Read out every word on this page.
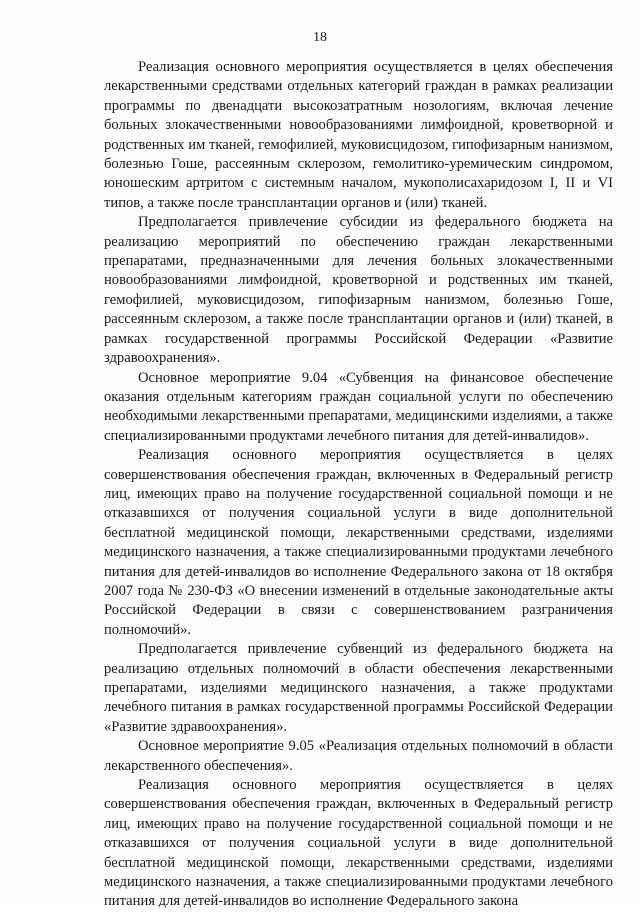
18

Реализация основного мероприятия осуществляется в целях обеспечения лекарственными средствами отдельных категорий граждан в рамках реализации программы по двенадцати высокозатратным нозологиям, включая лечение больных злокачественными новообразованиями лимфоидной, кроветворной и родственных им тканей, гемофилией, муковисцидозом, гипофизарным нанизмом, болезнью Гоше, рассеянным склерозом, гемолитико-уремическим синдромом, юношеским артритом с системным началом, мукополисахаридозом I, II и VI типов, а также после трансплантации органов и (или) тканей.

Предполагается привлечение субсидии из федерального бюджета на реализацию мероприятий по обеспечению граждан лекарственными препаратами, предназначенными для лечения больных злокачественными новообразованиями лимфоидной, кроветворной и родственных им тканей, гемофилией, муковисцидозом, гипофизарным нанизмом, болезнью Гоше, рассеянным склерозом, а также после трансплантации органов и (или) тканей, в рамках государственной программы Российской Федерации «Развитие здравоохранения».

Основное мероприятие 9.04 «Субвенция на финансовое обеспечение оказания отдельным категориям граждан социальной услуги по обеспечению необходимыми лекарственными препаратами, медицинскими изделиями, а также специализированными продуктами лечебного питания для детей-инвалидов».

Реализация основного мероприятия осуществляется в целях совершенствования обеспечения граждан, включенных в Федеральный регистр лиц, имеющих право на получение государственной социальной помощи и не отказавшихся от получения социальной услуги в виде дополнительной бесплатной медицинской помощи, лекарственными средствами, изделиями медицинского назначения, а также специализированными продуктами лечебного питания для детей-инвалидов во исполнение Федерального закона от 18 октября 2007 года № 230-ФЗ «О внесении изменений в отдельные законодательные акты Российской Федерации в связи с совершенствованием разграничения полномочий».

Предполагается привлечение субвенций из федерального бюджета на реализацию отдельных полномочий в области обеспечения лекарственными препаратами, изделиями медицинского назначения, а также продуктами лечебного питания в рамках государственной программы Российской Федерации «Развитие здравоохранения».

Основное мероприятие 9.05 «Реализация отдельных полномочий в области лекарственного обеспечения».

Реализация основного мероприятия осуществляется в целях совершенствования обеспечения граждан, включенных в Федеральный регистр лиц, имеющих право на получение государственной социальной помощи и не отказавшихся от получения социальной услуги в виде дополнительной бесплатной медицинской помощи, лекарственными средствами, изделиями медицинского назначения, а также специализированными продуктами лечебного питания для детей-инвалидов во исполнение Федерального закона
